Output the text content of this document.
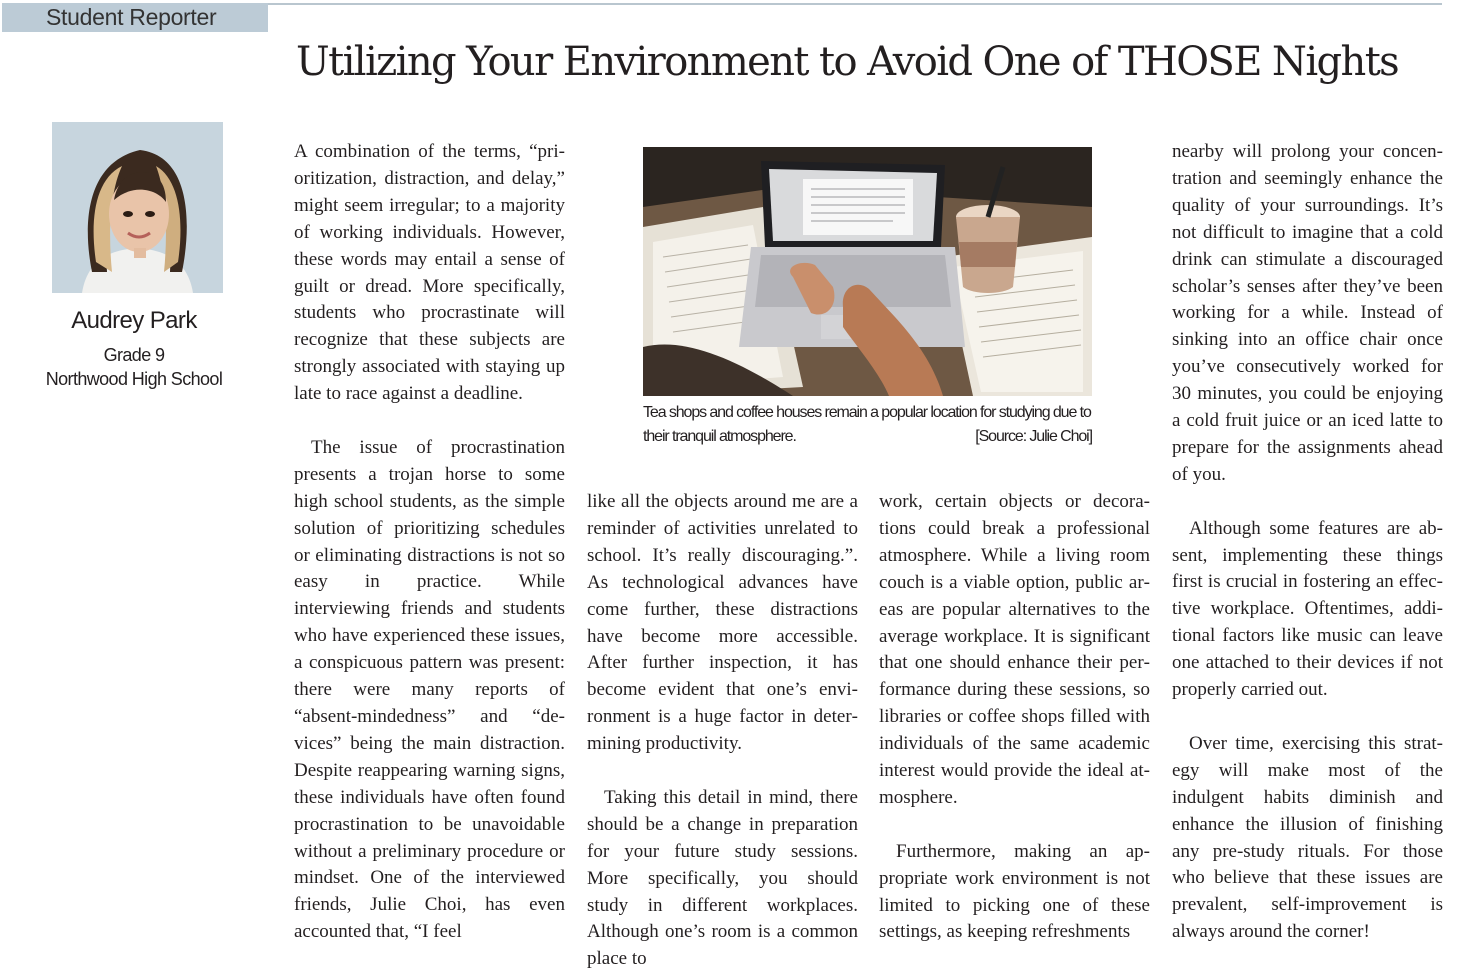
Student Reporter
Utilizing Your Environment to Avoid One of THOSE Nights
Audrey Park
Grade 9
Northwood High School

A combination of the terms, “prioritization, distraction, and delay,” might seem irregular; to a majority of working individuals. However, these words may entail a sense of guilt or dread. More specifically, students who procrastinate will recognize that these subjects are strongly associated with staying up late to race against a deadline.

The issue of procrastination presents a trojan horse to some high school students, as the simple solution of prioritizing schedules or eliminating distractions is not so easy in practice. While interviewing friends and students who have experienced these issues, a conspicuous pattern was present: there were many reports of “absent-mindedness” and “devices” being the main distraction. Despite reappearing warning signs, these individuals have often found procrastination to be unavoidable without a preliminary procedure or mindset. One of the interviewed friends, Julie Choi, has even accounted that, “I feel

Tea shops and coffee houses remain a popular location for studying due to their tranquil atmosphere.	[Source: Julie Choi]

like all the objects around me are a reminder of activities unrelated to school. It’s really discouraging.”. As technological advances have come further, these distractions have become more accessible. After further inspection, it has become evident that one’s environment is a huge factor in determining productivity.

Taking this detail in mind, there should be a change in preparation for your future study sessions. More specifically, you should study in different workplaces. Although one’s room is a common place to

work, certain objects or decorations could break a professional atmosphere. While a living room couch is a viable option, public areas are popular alternatives to the average workplace. It is significant that one should enhance their performance during these sessions, so libraries or coffee shops filled with individuals of the same academic interest would provide the ideal atmosphere.

Furthermore, making an appropriate work environment is not limited to picking one of these settings, as keeping refreshments

nearby will prolong your concentration and seemingly enhance the quality of your surroundings. It’s not difficult to imagine that a cold drink can stimulate a discouraged scholar’s senses after they’ve been working for a while. Instead of sinking into an office chair once you’ve consecutively worked for 30 minutes, you could be enjoying a cold fruit juice or an iced latte to prepare for the assignments ahead of you.

Although some features are absent, implementing these things first is crucial in fostering an effective workplace. Oftentimes, additional factors like music can leave one attached to their devices if not properly carried out.

Over time, exercising this strategy will make most of the indulgent habits diminish and enhance the illusion of finishing any pre-study rituals. For those who believe that these issues are prevalent, self-improvement is always around the corner!
